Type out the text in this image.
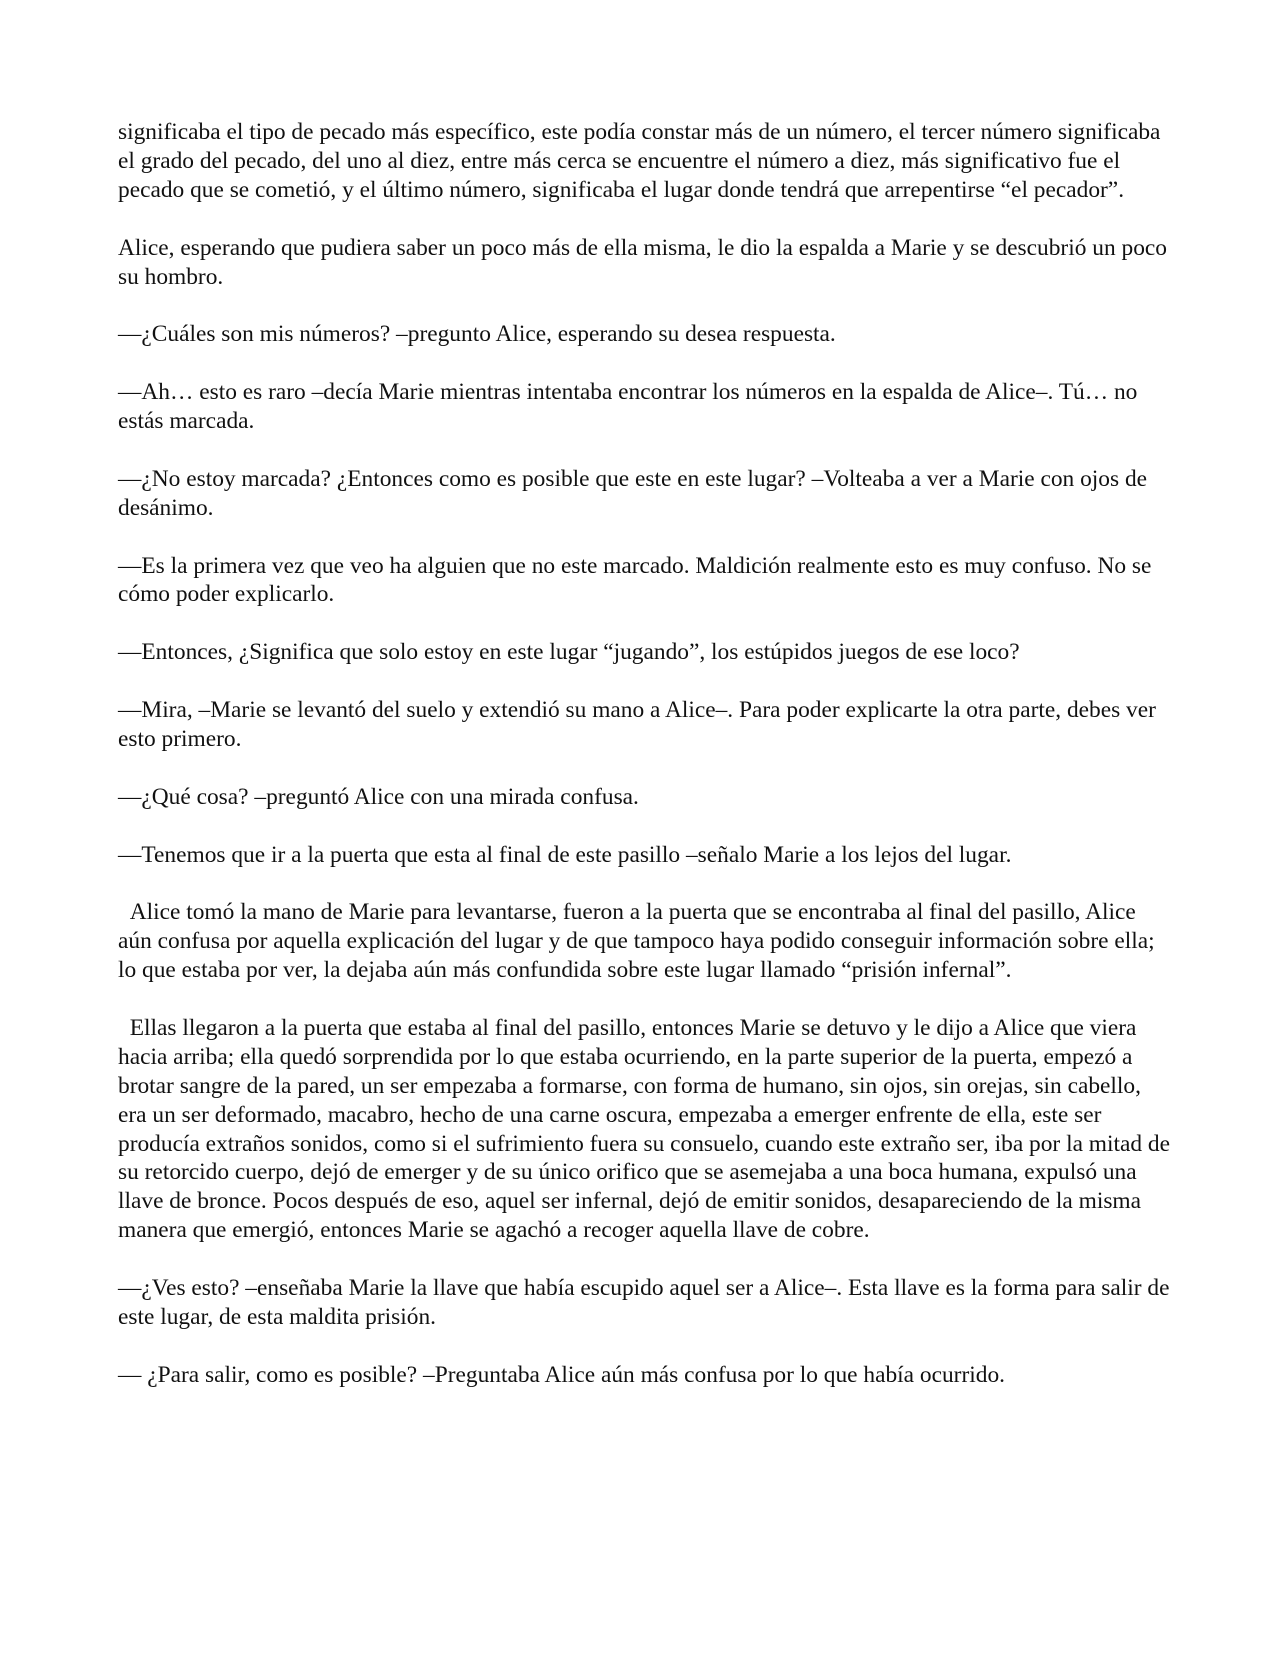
significaba el tipo de pecado más específico, este podía constar más de un número, el tercer número significaba el grado del pecado, del uno al diez, entre más cerca se encuentre el número a diez, más significativo fue el pecado que se cometió, y el último número, significaba el lugar donde tendrá que arrepentirse “el pecador”.

Alice, esperando que pudiera saber un poco más de ella misma, le dio la espalda a Marie y se descubrió un poco su hombro.

—¿Cuáles son mis números? –pregunto Alice, esperando su desea respuesta.

—Ah… esto es raro –decía Marie mientras intentaba encontrar los números en la espalda de Alice–. Tú… no estás marcada.

—¿No estoy marcada? ¿Entonces como es posible que este en este lugar? –Volteaba a ver a Marie con ojos de desánimo.

—Es la primera vez que veo ha alguien que no este marcado. Maldición realmente esto es muy confuso. No se cómo poder explicarlo.

—Entonces, ¿Significa que solo estoy en este lugar “jugando”, los estúpidos juegos de ese loco?

—Mira, –Marie se levantó del suelo y extendió su mano a Alice–. Para poder explicarte la otra parte, debes ver esto primero.

—¿Qué cosa? –preguntó Alice con una mirada confusa.

—Tenemos que ir a la puerta que esta al final de este pasillo –señalo Marie a los lejos del lugar.

Alice tomó la mano de Marie para levantarse, fueron a la puerta que se encontraba al final del pasillo, Alice aún confusa por aquella explicación del lugar y de que tampoco haya podido conseguir información sobre ella; lo que estaba por ver, la dejaba aún más confundida sobre este lugar llamado “prisión infernal”.

Ellas llegaron a la puerta que estaba al final del pasillo, entonces Marie se detuvo y le dijo a Alice que viera hacia arriba; ella quedó sorprendida por lo que estaba ocurriendo, en la parte superior de la puerta, empezó a brotar sangre de la pared, un ser empezaba a formarse, con forma de humano, sin ojos, sin orejas, sin cabello, era un ser deformado, macabro, hecho de una carne oscura, empezaba a emerger enfrente de ella, este ser producía extraños sonidos, como si el sufrimiento fuera su consuelo, cuando este extraño ser, iba por la mitad de su retorcido cuerpo, dejó de emerger y de su único orifico que se asemejaba a una boca humana, expulsó una llave de bronce. Pocos después de eso, aquel ser infernal, dejó de emitir sonidos, desapareciendo de la misma manera que emergió, entonces Marie se agachó a recoger aquella llave de cobre.

—¿Ves esto? –enseñaba Marie la llave que había escupido aquel ser a Alice–. Esta llave es la forma para salir de este lugar, de esta maldita prisión.

— ¿Para salir, como es posible? –Preguntaba Alice aún más confusa por lo que había ocurrido.
